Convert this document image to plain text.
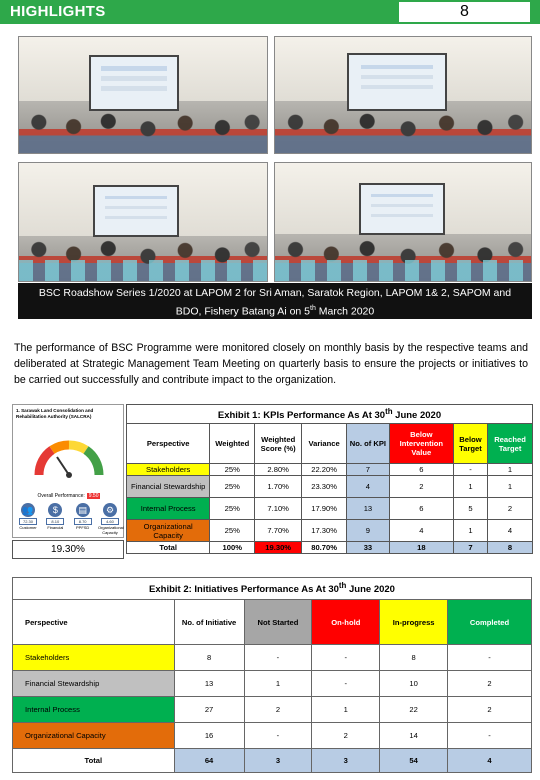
HIGHLIGHTS	8
BSC Roadshow Series 1/2020 at LAPOM 2 for Sri Aman, Saratok Region, LAPOM 1& 2, SAPOM and
BDO, Fishery Batang Ai on 5th March 2020

The performance of BSC Programme were monitored closely on monthly basis by the respective teams and deliberated at Strategic Management Team Meeting on quarterly basis to ensure the projects or initiatives to be carried out successfully and contribute impact to the organization.

1. Sarawak Land Consolidation and
Rehabilitation Authority (SALCRA)
Overall Performance: 9.50
👥
72.30
Customer
$
8.10
Financial
▤
8.70
PPFSD
⚙
4.60
Organizational Capacity
19.30%
Exhibit 1: KPIs Performance As At 30th June 2020							
Perspective	Weighted	Weighted Score (%)	Variance	No. of KPI	Below Intervention Value	Below Target	Reached Target
Stakeholders	25%	2.80%	22.20%	7	6	-	1
Financial Stewardship	25%	1.70%	23.30%	4	2	1	1
Internal Process	25%	7.10%	17.90%	13	6	5	2
Organizational Capacity	25%	7.70%	17.30%	9	4	1	4
Total	100%	19.30%	80.70%	33	18	7	8
Exhibit 2: Initiatives Performance As At 30th June 2020					
Perspective	No. of Initiative	Not Started	On-hold	In-progress	Completed
Stakeholders	8	-	-	8	-
Financial Stewardship	13	1	-	10	2
Internal Process	27	2	1	22	2
Organizational Capacity	16	-	2	14	-
Total	64	3	3	54	4
